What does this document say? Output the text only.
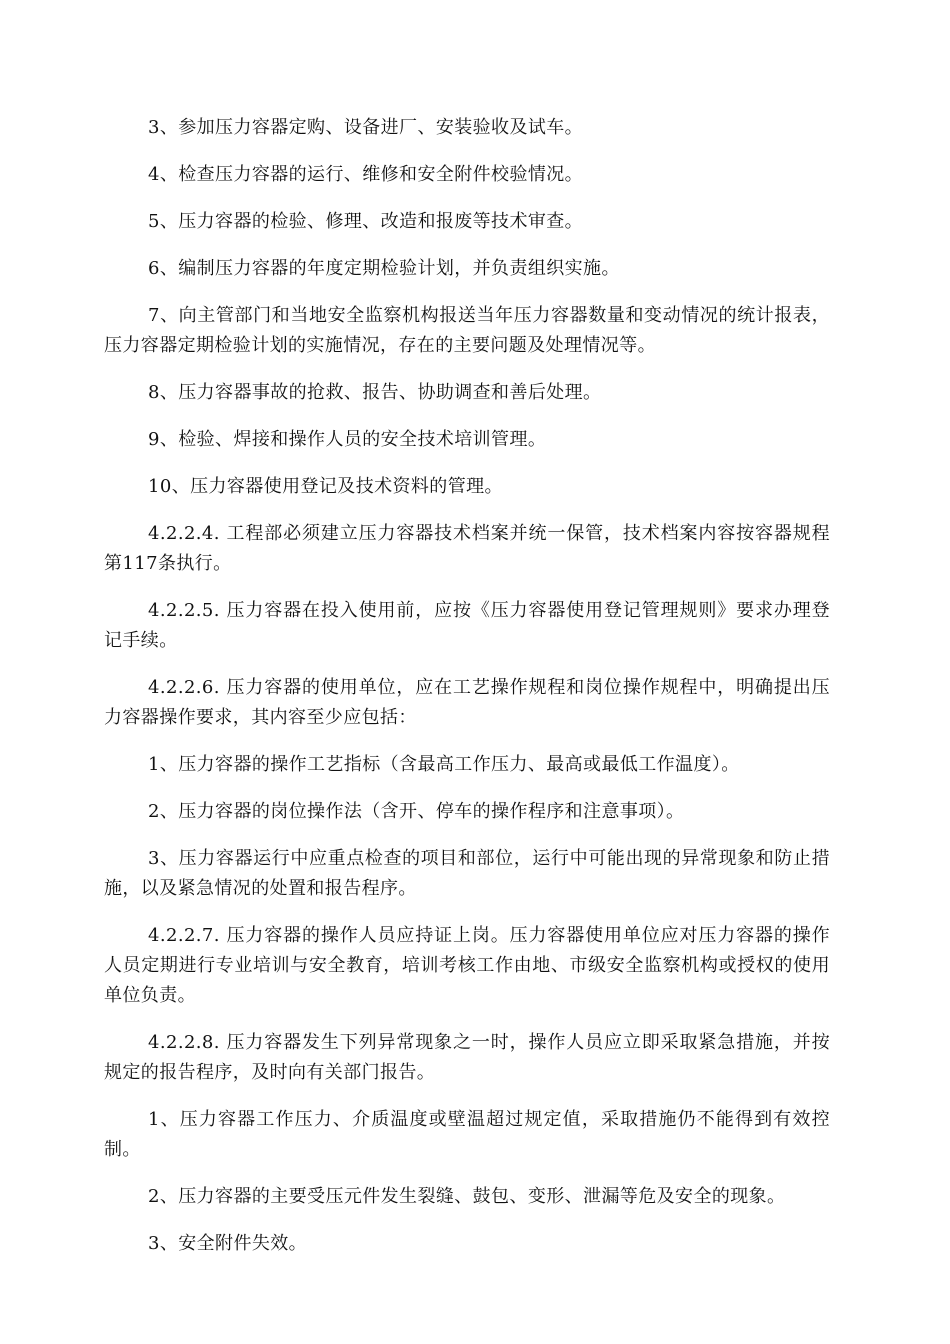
3、参加压力容器定购、设备进厂、安装验收及试车。

4、检查压力容器的运行、维修和安全附件校验情况。

5、压力容器的检验、修理、改造和报废等技术审查。

6、编制压力容器的年度定期检验计划，并负责组织实施。

7、向主管部门和当地安全监察机构报送当年压力容器数量和变动情况的统计报表，压力容器定期检验计划的实施情况，存在的主要问题及处理情况等。

8、压力容器事故的抢救、报告、协助调查和善后处理。

9、检验、焊接和操作人员的安全技术培训管理。

10、压力容器使用登记及技术资料的管理。

4.2.2.4. 工程部必须建立压力容器技术档案并统一保管，技术档案内容按容器规程第117条执行。

4.2.2.5. 压力容器在投入使用前，应按《压力容器使用登记管理规则》要求办理登记手续。

4.2.2.6. 压力容器的使用单位，应在工艺操作规程和岗位操作规程中，明确提出压力容器操作要求，其内容至少应包括：

1、压力容器的操作工艺指标（含最高工作压力、最高或最低工作温度）。

2、压力容器的岗位操作法（含开、停车的操作程序和注意事项）。

3、压力容器运行中应重点检查的项目和部位，运行中可能出现的异常现象和防止措施，以及紧急情况的处置和报告程序。

4.2.2.7. 压力容器的操作人员应持证上岗。压力容器使用单位应对压力容器的操作人员定期进行专业培训与安全教育，培训考核工作由地、市级安全监察机构或授权的使用单位负责。

4.2.2.8. 压力容器发生下列异常现象之一时，操作人员应立即采取紧急措施，并按规定的报告程序，及时向有关部门报告。

1、压力容器工作压力、介质温度或壁温超过规定值，采取措施仍不能得到有效控制。

2、压力容器的主要受压元件发生裂缝、鼓包、变形、泄漏等危及安全的现象。

3、安全附件失效。
